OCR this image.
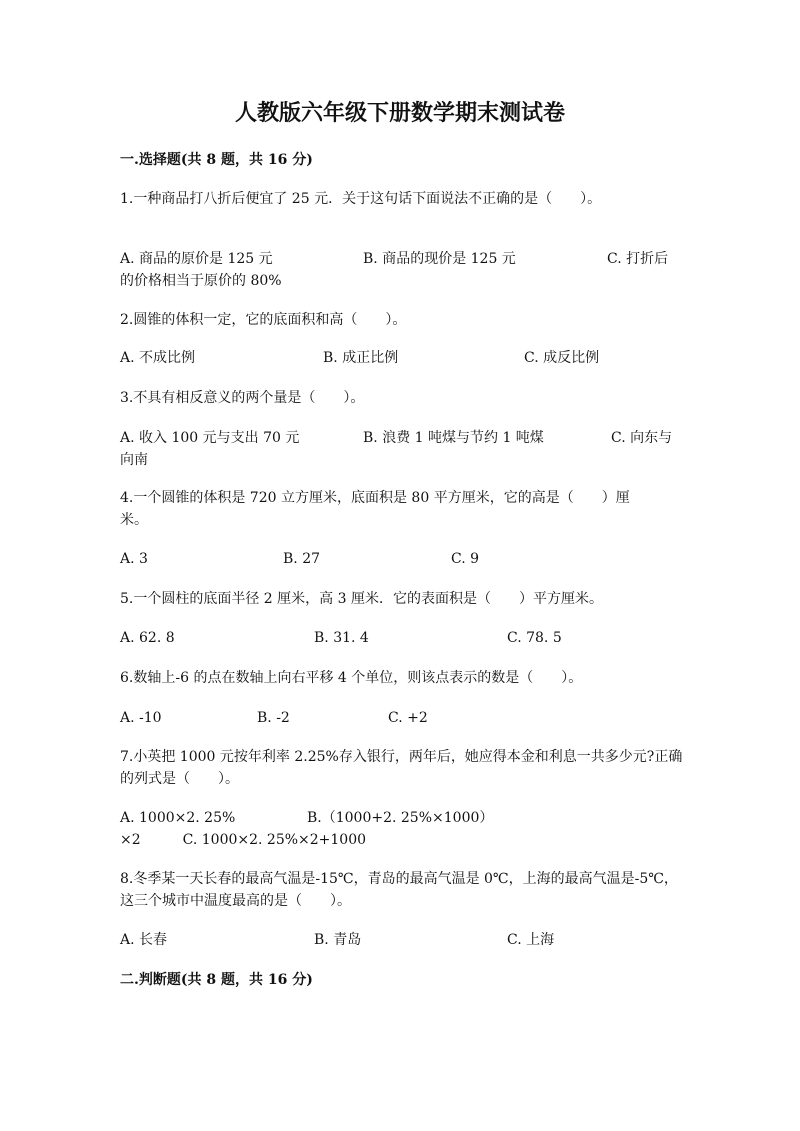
人教版六年级下册数学期末测试卷
一.选择题(共 8 题，共 16 分)
1.一种商品打八折后便宜了 25 元．关于这句话下面说法不正确的是（　　）。
A. 商品的原价是 125 元	B. 商品的现价是 125 元	C. 打折后
的价格相当于原价的 80%
2.圆锥的体积一定，它的底面积和高（　　）。
A. 不成比例	B. 成正比例	C. 成反比例
3.不具有相反意义的两个量是（　　）。
A. 收入 100 元与支出 70 元	B. 浪费 1 吨煤与节约 1 吨煤	C. 向东与
向南
4.一个圆锥的体积是 720 立方厘米，底面积是 80 平方厘米，它的高是（　　）厘米。
A. 3	B. 27	C. 9
5.一个圆柱的底面半径 2 厘米，高 3 厘米．它的表面积是（　　）平方厘米。
A. 62. 8	B. 31. 4	C. 78. 5
6.数轴上-6 的点在数轴上向右平移 4 个单位，则该点表示的数是（　　）。
A. -10	B. -2	C. +2
7.小英把 1000 元按年利率 2.25%存入银行，两年后，她应得本金和利息一共多少元?正确的列式是（　　）。
A. 1000×2. 25%	B.（1000+2. 25%×1000）
×2　　　C. 1000×2. 25%×2+1000
8.冬季某一天长春的最高气温是-15℃，青岛的最高气温是 0℃，上海的最高气温是-5℃，这三个城市中温度最高的是（　　）。
A. 长春	B. 青岛	C. 上海
二.判断题(共 8 题，共 16 分)
